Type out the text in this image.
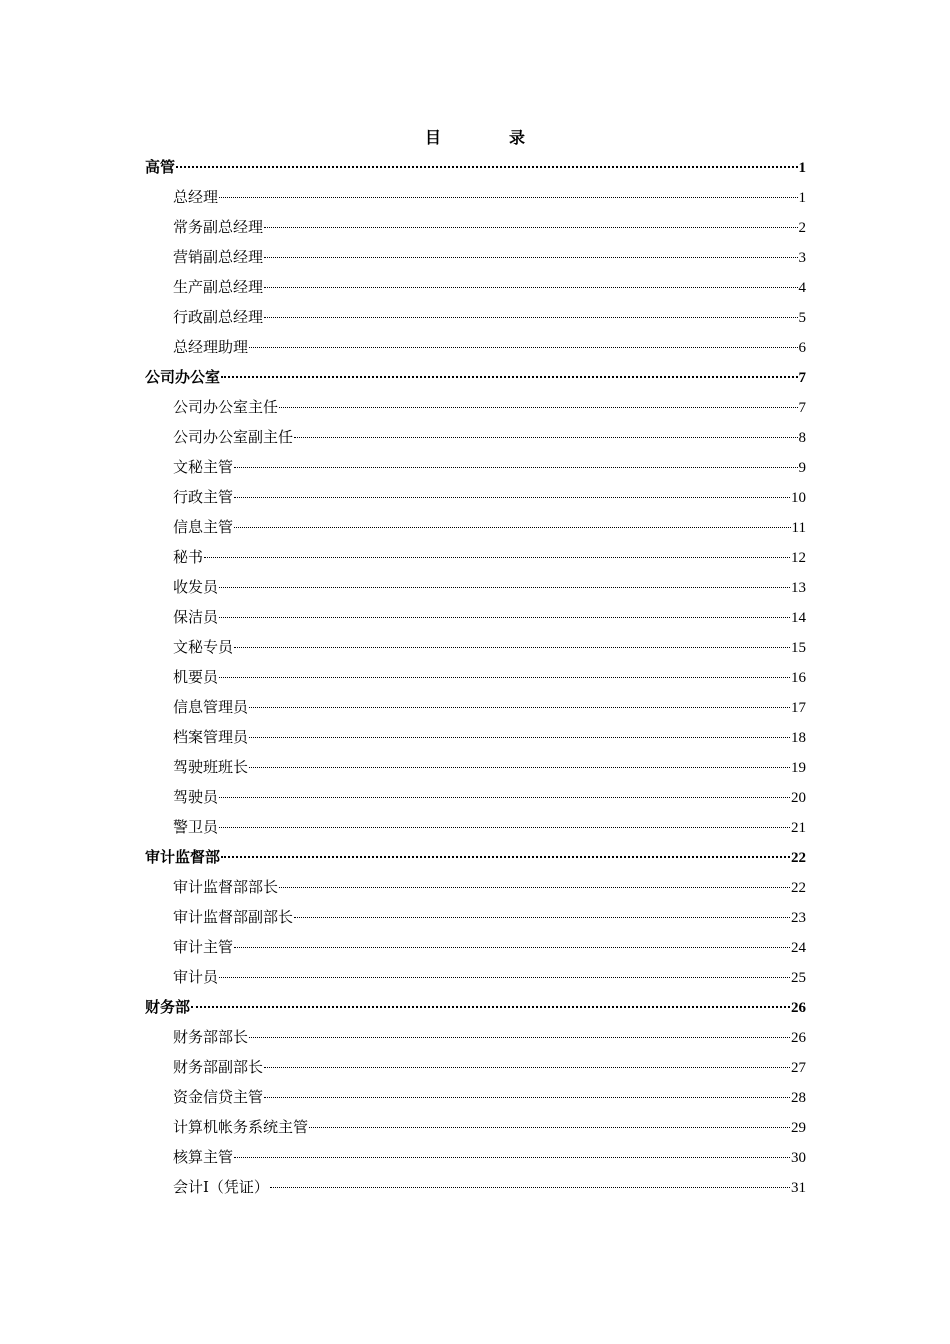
目录
高管	1
总经理	1
常务副总经理	2
营销副总经理	3
生产副总经理	4
行政副总经理	5
总经理助理	6
公司办公室	7
公司办公室主任	7
公司办公室副主任	8
文秘主管	9
行政主管	10
信息主管	11
秘书	12
收发员	13
保洁员	14
文秘专员	15
机要员	16
信息管理员	17
档案管理员	18
驾驶班班长	19
驾驶员	20
警卫员	21
审计监督部	22
审计监督部部长	22
审计监督部副部长	23
审计主管	24
审计员	25
财务部	26
财务部部长	26
财务部副部长	27
资金信贷主管	28
计算机帐务系统主管	29
核算主管	30
会计Ⅰ（凭证）	31
